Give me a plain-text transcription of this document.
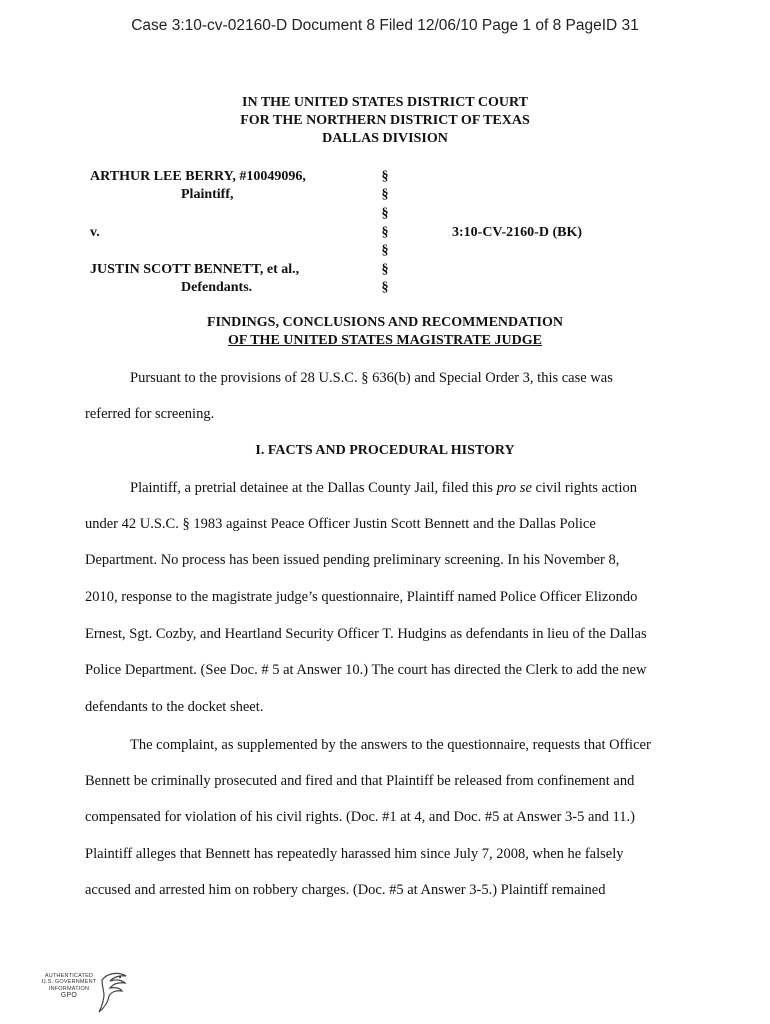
Case 3:10-cv-02160-D Document 8 Filed 12/06/10 Page 1 of 8 PageID 31
IN THE UNITED STATES DISTRICT COURT
FOR THE NORTHERN DISTRICT OF TEXAS
DALLAS DIVISION
ARTHUR LEE BERRY, #10049096,
Plaintiff,
v.
JUSTIN SCOTT BENNETT, et al.,
Defendants.
3:10-CV-2160-D (BK)
§
§
§
§
§
§
§
FINDINGS, CONCLUSIONS AND RECOMMENDATION
OF THE UNITED STATES MAGISTRATE JUDGE
Pursuant to the provisions of 28 U.S.C. § 636(b) and Special Order 3, this case was
referred for screening.
I. FACTS AND PROCEDURAL HISTORY
Plaintiff, a pretrial detainee at the Dallas County Jail, filed this pro se civil rights action
under 42 U.S.C. § 1983 against Peace Officer Justin Scott Bennett and the Dallas Police
Department. No process has been issued pending preliminary screening. In his November 8,
2010, response to the magistrate judge’s questionnaire, Plaintiff named Police Officer Elizondo
Ernest, Sgt. Cozby, and Heartland Security Officer T. Hudgins as defendants in lieu of the Dallas
Police Department. (See Doc. # 5 at Answer 10.) The court has directed the Clerk to add the new
defendants to the docket sheet.
The complaint, as supplemented by the answers to the questionnaire, requests that Officer
Bennett be criminally prosecuted and fired and that Plaintiff be released from confinement and
compensated for violation of his civil rights. (Doc. #1 at 4, and Doc. #5 at Answer 3-5 and 11.)
Plaintiff alleges that Bennett has repeatedly harassed him since July 7, 2008, when he falsely
accused and arrested him on robbery charges. (Doc. #5 at Answer 3-5.) Plaintiff remained
AUTHENTICATED
U.S. GOVERNMENT
INFORMATION
GPO
